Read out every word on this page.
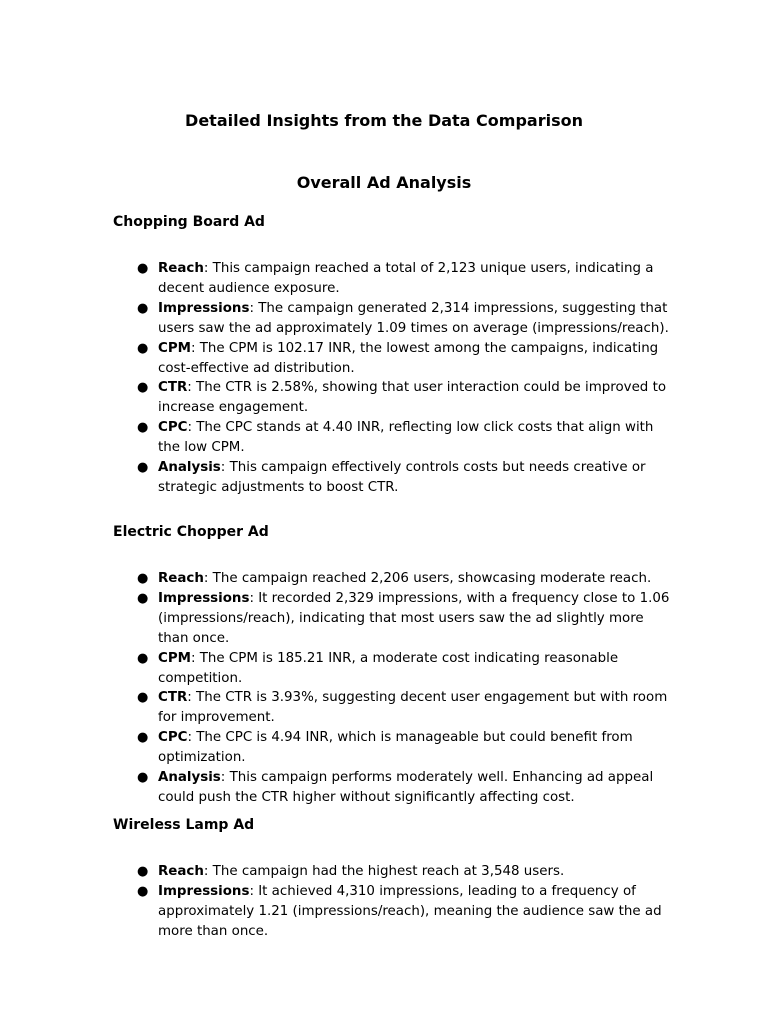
Detailed Insights from the Data Comparison
Overall Ad Analysis
Chopping Board Ad
● Reach: This campaign reached a total of 2,123 unique users, indicating a decent audience exposure.
● Impressions: The campaign generated 2,314 impressions, suggesting that users saw the ad approximately 1.09 times on average (impressions/reach).
● CPM: The CPM is 102.17 INR, the lowest among the campaigns, indicating cost-effective ad distribution.
● CTR: The CTR is 2.58%, showing that user interaction could be improved to increase engagement.
● CPC: The CPC stands at 4.40 INR, reflecting low click costs that align with the low CPM.
● Analysis: This campaign effectively controls costs but needs creative or strategic adjustments to boost CTR.
Electric Chopper Ad
● Reach: The campaign reached 2,206 users, showcasing moderate reach.
● Impressions: It recorded 2,329 impressions, with a frequency close to 1.06 (impressions/reach), indicating that most users saw the ad slightly more than once.
● CPM: The CPM is 185.21 INR, a moderate cost indicating reasonable competition.
● CTR: The CTR is 3.93%, suggesting decent user engagement but with room for improvement.
● CPC: The CPC is 4.94 INR, which is manageable but could benefit from optimization.
● Analysis: This campaign performs moderately well. Enhancing ad appeal could push the CTR higher without significantly affecting cost.
Wireless Lamp Ad
● Reach: The campaign had the highest reach at 3,548 users.
● Impressions: It achieved 4,310 impressions, leading to a frequency of approximately 1.21 (impressions/reach), meaning the audience saw the ad more than once.
